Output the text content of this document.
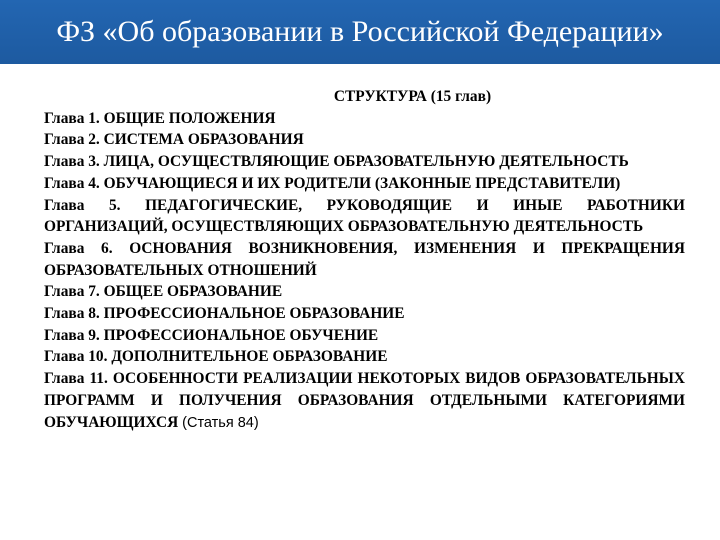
ФЗ «Об образовании в Российской Федерации»
СТРУКТУРА (15 глав)
Глава 1. ОБЩИЕ ПОЛОЖЕНИЯ
Глава 2. СИСТЕМА ОБРАЗОВАНИЯ
Глава 3. ЛИЦА, ОСУЩЕСТВЛЯЮЩИЕ ОБРАЗОВАТЕЛЬНУЮ ДЕЯТЕЛЬНОСТЬ
Глава 4. ОБУЧАЮЩИЕСЯ И ИХ РОДИТЕЛИ (ЗАКОННЫЕ ПРЕДСТАВИТЕЛИ)
Глава 5. ПЕДАГОГИЧЕСКИЕ, РУКОВОДЯЩИЕ И ИНЫЕ РАБОТНИКИ ОРГАНИЗАЦИЙ, ОСУЩЕСТВЛЯЮЩИХ ОБРАЗОВАТЕЛЬНУЮ ДЕЯТЕЛЬНОСТЬ
Глава 6. ОСНОВАНИЯ ВОЗНИКНОВЕНИЯ, ИЗМЕНЕНИЯ И ПРЕКРАЩЕНИЯ ОБРАЗОВАТЕЛЬНЫХ ОТНОШЕНИЙ
Глава 7. ОБЩЕЕ ОБРАЗОВАНИЕ
Глава 8. ПРОФЕССИОНАЛЬНОЕ ОБРАЗОВАНИЕ
Глава 9. ПРОФЕССИОНАЛЬНОЕ ОБУЧЕНИЕ
Глава 10. ДОПОЛНИТЕЛЬНОЕ ОБРАЗОВАНИЕ
Глава 11. ОСОБЕННОСТИ РЕАЛИЗАЦИИ НЕКОТОРЫХ ВИДОВ ОБРАЗОВАТЕЛЬНЫХ ПРОГРАММ И ПОЛУЧЕНИЯ ОБРАЗОВАНИЯ ОТДЕЛЬНЫМИ КАТЕГОРИЯМИ ОБУЧАЮЩИХСЯ (Статья 84)
